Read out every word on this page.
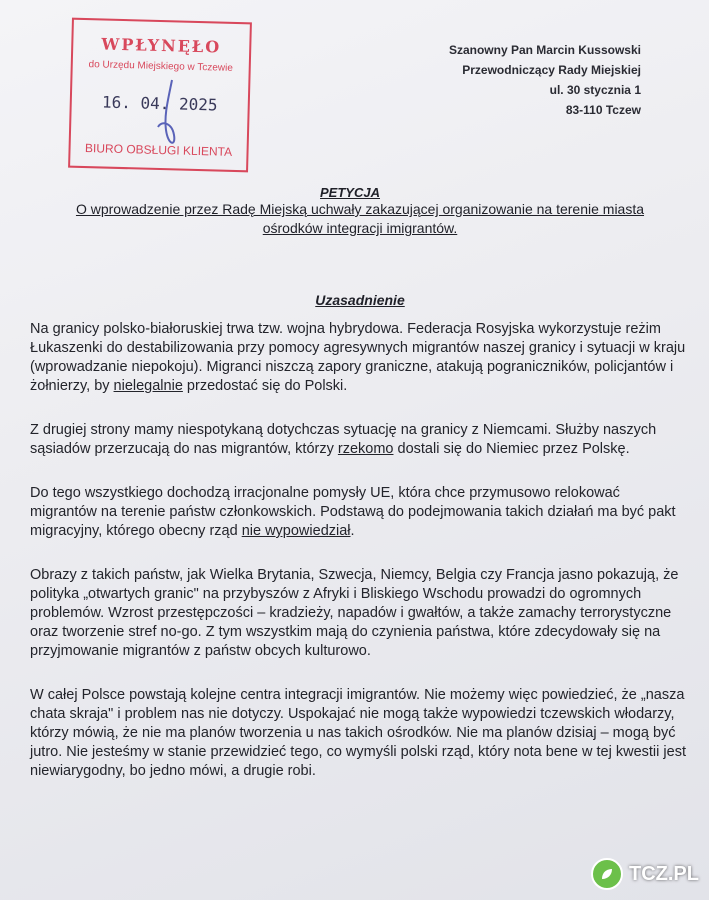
WPŁYNĘŁO
do Urzędu Miejskiego w Tczewie
16. 04. 2025
BIURO OBSŁUGI KLIENTA
Szanowny Pan Marcin Kussowski
Przewodniczący Rady Miejskiej
ul. 30 stycznia 1
83-110 Tczew
PETYCJA
O wprowadzenie przez Radę Miejską uchwały zakazującej organizowanie na terenie miasta
ośrodków integracji imigrantów.
Uzasadnienie

Na granicy polsko-białoruskiej trwa tzw. wojna hybrydowa. Federacja Rosyjska wykorzystuje reżim Łukaszenki do destabilizowania przy pomocy agresywnych migrantów naszej granicy i sytuacji w kraju (wprowadzanie niepokoju). Migranci niszczą zapory graniczne, atakują pograniczników, policjantów i żołnierzy, by nielegalnie przedostać się do Polski.

Z drugiej strony mamy niespotykaną dotychczas sytuację na granicy z Niemcami. Służby naszych sąsiadów przerzucają do nas migrantów, którzy rzekomo dostali się do Niemiec przez Polskę.

Do tego wszystkiego dochodzą irracjonalne pomysły UE, która chce przymusowo relokować migrantów na terenie państw członkowskich. Podstawą do podejmowania takich działań ma być pakt migracyjny, którego obecny rząd nie wypowiedział.

Obrazy z takich państw, jak Wielka Brytania, Szwecja, Niemcy, Belgia czy Francja jasno pokazują, że polityka „otwartych granic" na przybyszów z Afryki i Bliskiego Wschodu prowadzi do ogromnych problemów. Wzrost przestępczości – kradzieży, napadów i gwałtów, a także zamachy terrorystyczne oraz tworzenie stref no-go. Z tym wszystkim mają do czynienia państwa, które zdecydowały się na przyjmowanie migrantów z państw obcych kulturowo.

W całej Polsce powstają kolejne centra integracji imigrantów. Nie możemy więc powiedzieć, że „nasza chata skraja" i problem nas nie dotyczy. Uspokajać nie mogą także wypowiedzi tczewskich włodarzy, którzy mówią, że nie ma planów tworzenia u nas takich ośrodków. Nie ma planów dzisiaj – mogą być jutro. Nie jesteśmy w stanie przewidzieć tego, co wymyśli polski rząd, który nota bene w tej kwestii jest niewiarygodny, bo jedno mówi, a drugie robi.

TCZ.PL
